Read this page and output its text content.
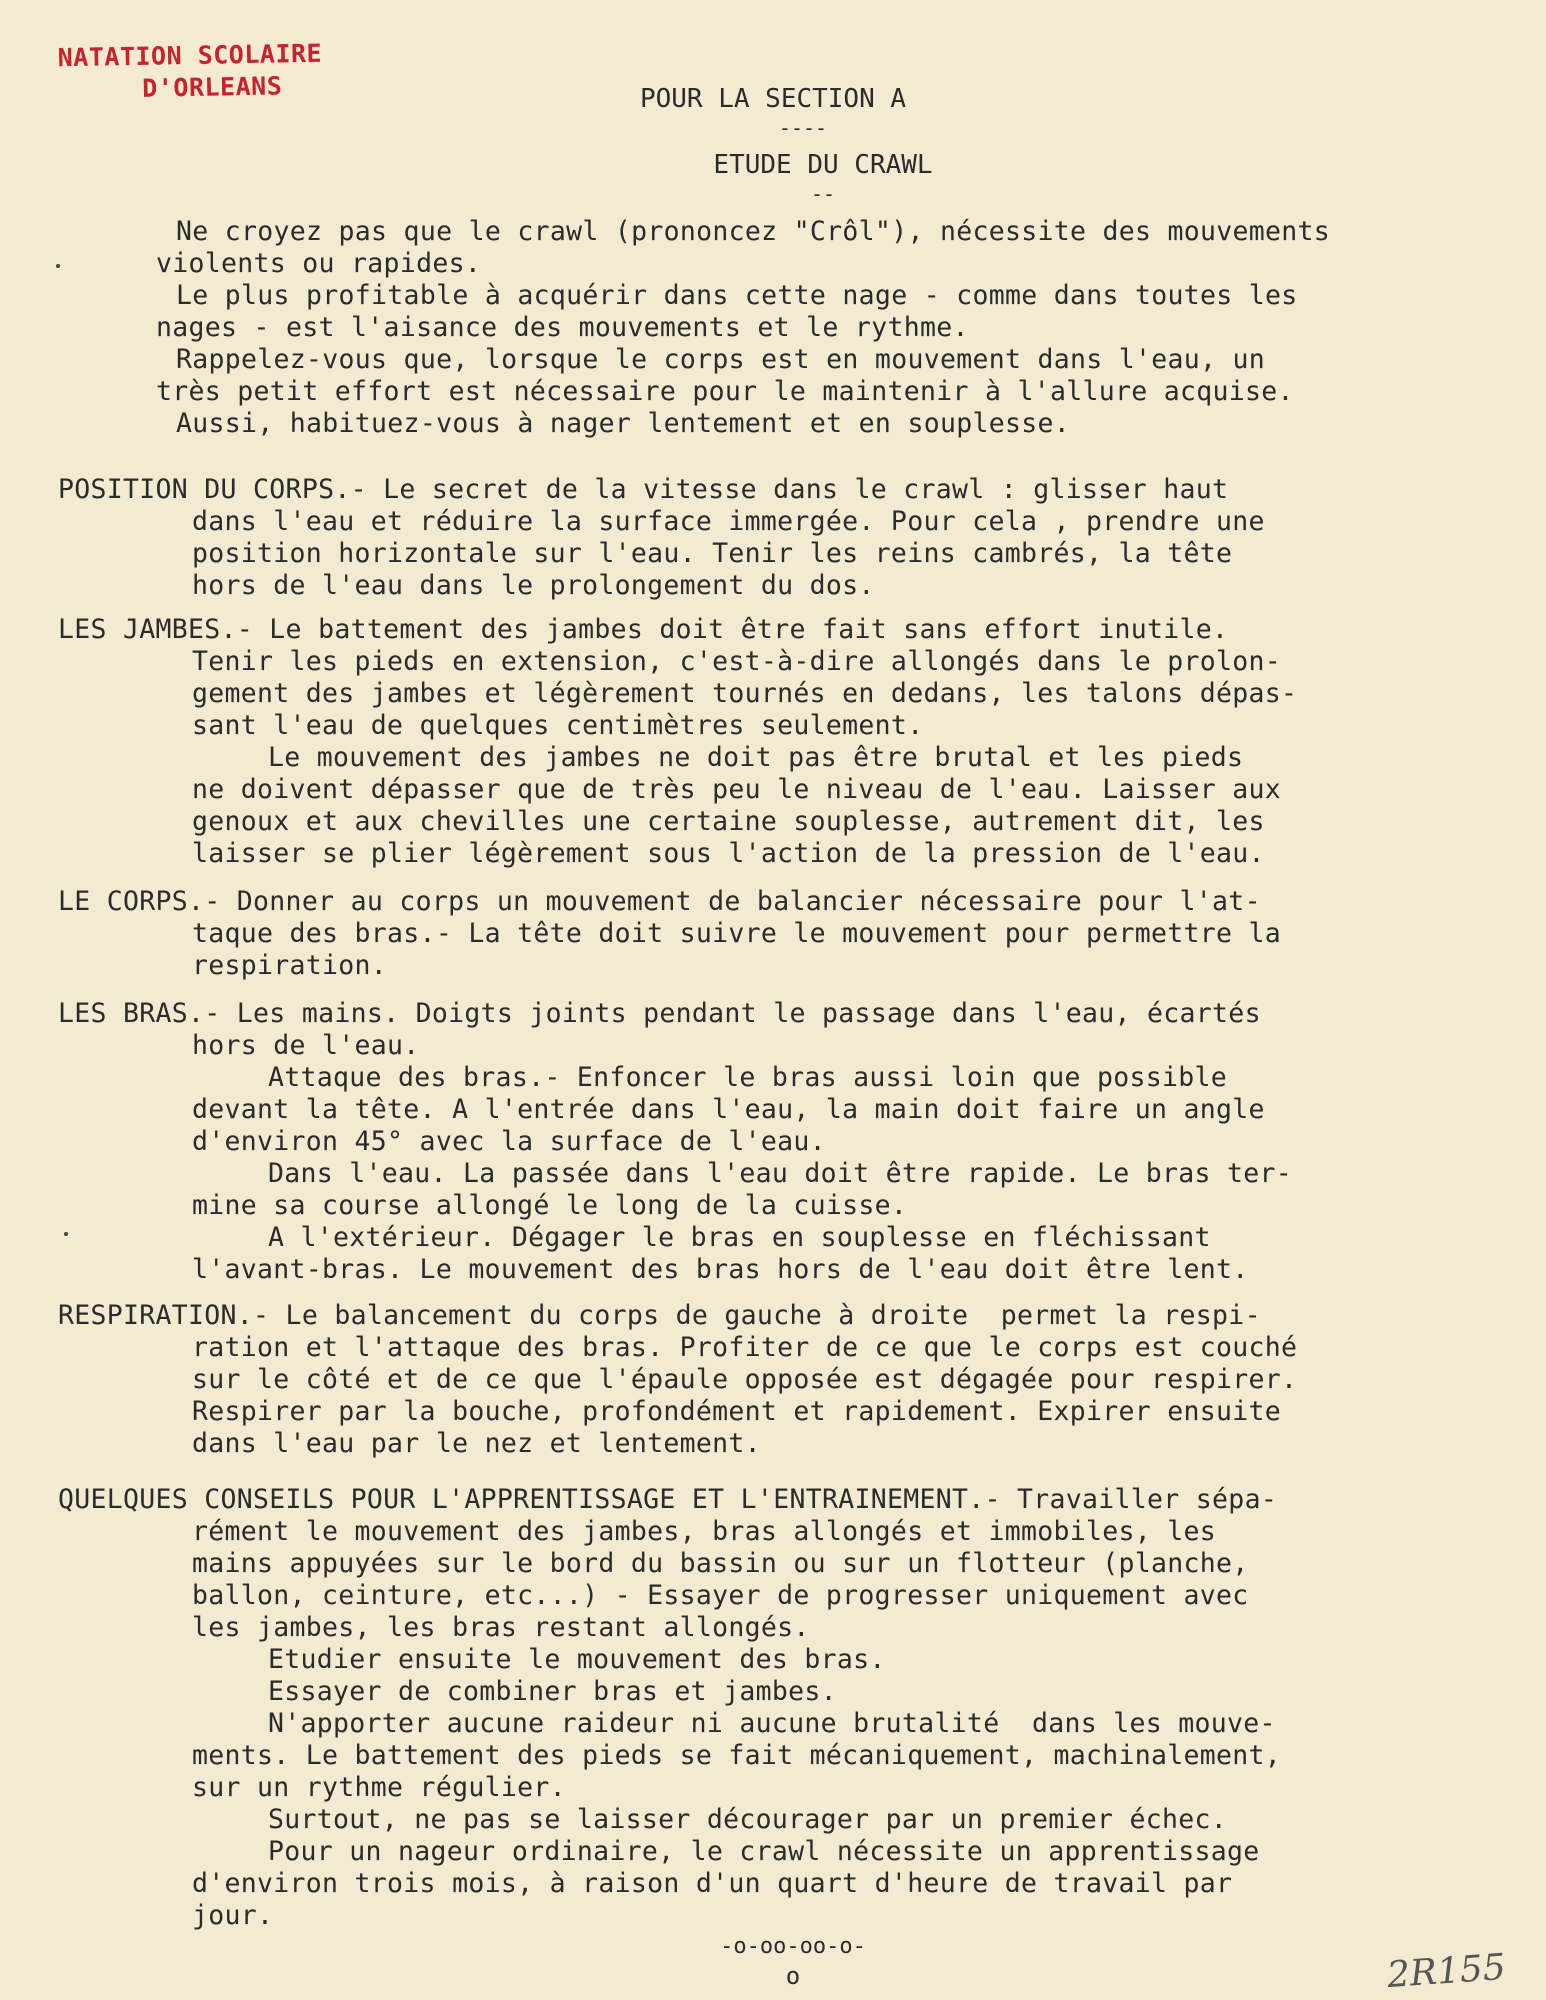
NATATION SCOLAIRE
D'ORLEANS	POUR LA SECTION A
----
ETUDE DU CRAWL
--
Ne croyez pas que le crawl (prononcez "Crôl"), nécessite des mouvements
violents ou rapides.
Le plus profitable à acquérir dans cette nage - comme dans toutes les
nages - est l'aisance des mouvements et le rythme.
Rappelez-vous que, lorsque le corps est en mouvement dans l'eau, un
très petit effort est nécessaire pour le maintenir à l'allure acquise.
Aussi, habituez-vous à nager lentement et en souplesse.
POSITION DU CORPS.- Le secret de la vitesse dans le crawl : glisser haut
dans l'eau et réduire la surface immergée. Pour cela , prendre une
position horizontale sur l'eau. Tenir les reins cambrés, la tête
hors de l'eau dans le prolongement du dos.
LES JAMBES.- Le battement des jambes doit être fait sans effort inutile.
Tenir les pieds en extension, c'est-à-dire allongés dans le prolon-
gement des jambes et légèrement tournés en dedans, les talons dépas-
sant l'eau de quelques centimètres seulement.
Le mouvement des jambes ne doit pas être brutal et les pieds
ne doivent dépasser que de très peu le niveau de l'eau. Laisser aux
genoux et aux chevilles une certaine souplesse, autrement dit, les
laisser se plier légèrement sous l'action de la pression de l'eau.
LE CORPS.- Donner au corps un mouvement de balancier nécessaire pour l'at-
taque des bras.- La tête doit suivre le mouvement pour permettre la
respiration.
LES BRAS.- Les mains. Doigts joints pendant le passage dans l'eau, écartés
hors de l'eau.
Attaque des bras.- Enfoncer le bras aussi loin que possible
devant la tête. A l'entrée dans l'eau, la main doit faire un angle
d'environ 45° avec la surface de l'eau.
Dans l'eau. La passée dans l'eau doit être rapide. Le bras ter-
mine sa course allongé le long de la cuisse.
A l'extérieur. Dégager le bras en souplesse en fléchissant
l'avant-bras. Le mouvement des bras hors de l'eau doit être lent.
RESPIRATION.- Le balancement du corps de gauche à droite  permet la respi-
ration et l'attaque des bras. Profiter de ce que le corps est couché
sur le côté et de ce que l'épaule opposée est dégagée pour respirer.
Respirer par la bouche, profondément et rapidement. Expirer ensuite
dans l'eau par le nez et lentement.
QUELQUES CONSEILS POUR L'APPRENTISSAGE ET L'ENTRAINEMENT.- Travailler sépa-
rément le mouvement des jambes, bras allongés et immobiles, les
mains appuyées sur le bord du bassin ou sur un flotteur (planche,
ballon, ceinture, etc...) - Essayer de progresser uniquement avec
les jambes, les bras restant allongés.
Etudier ensuite le mouvement des bras.
Essayer de combiner bras et jambes.
N'apporter aucune raideur ni aucune brutalité  dans les mouve-
ments. Le battement des pieds se fait mécaniquement, machinalement,
sur un rythme régulier.
Surtout, ne pas se laisser décourager par un premier échec.
Pour un nageur ordinaire, le crawl nécessite un apprentissage
d'environ trois mois, à raison d'un quart d'heure de travail par
jour.
-o-oo-oo-o-
o	2R155
